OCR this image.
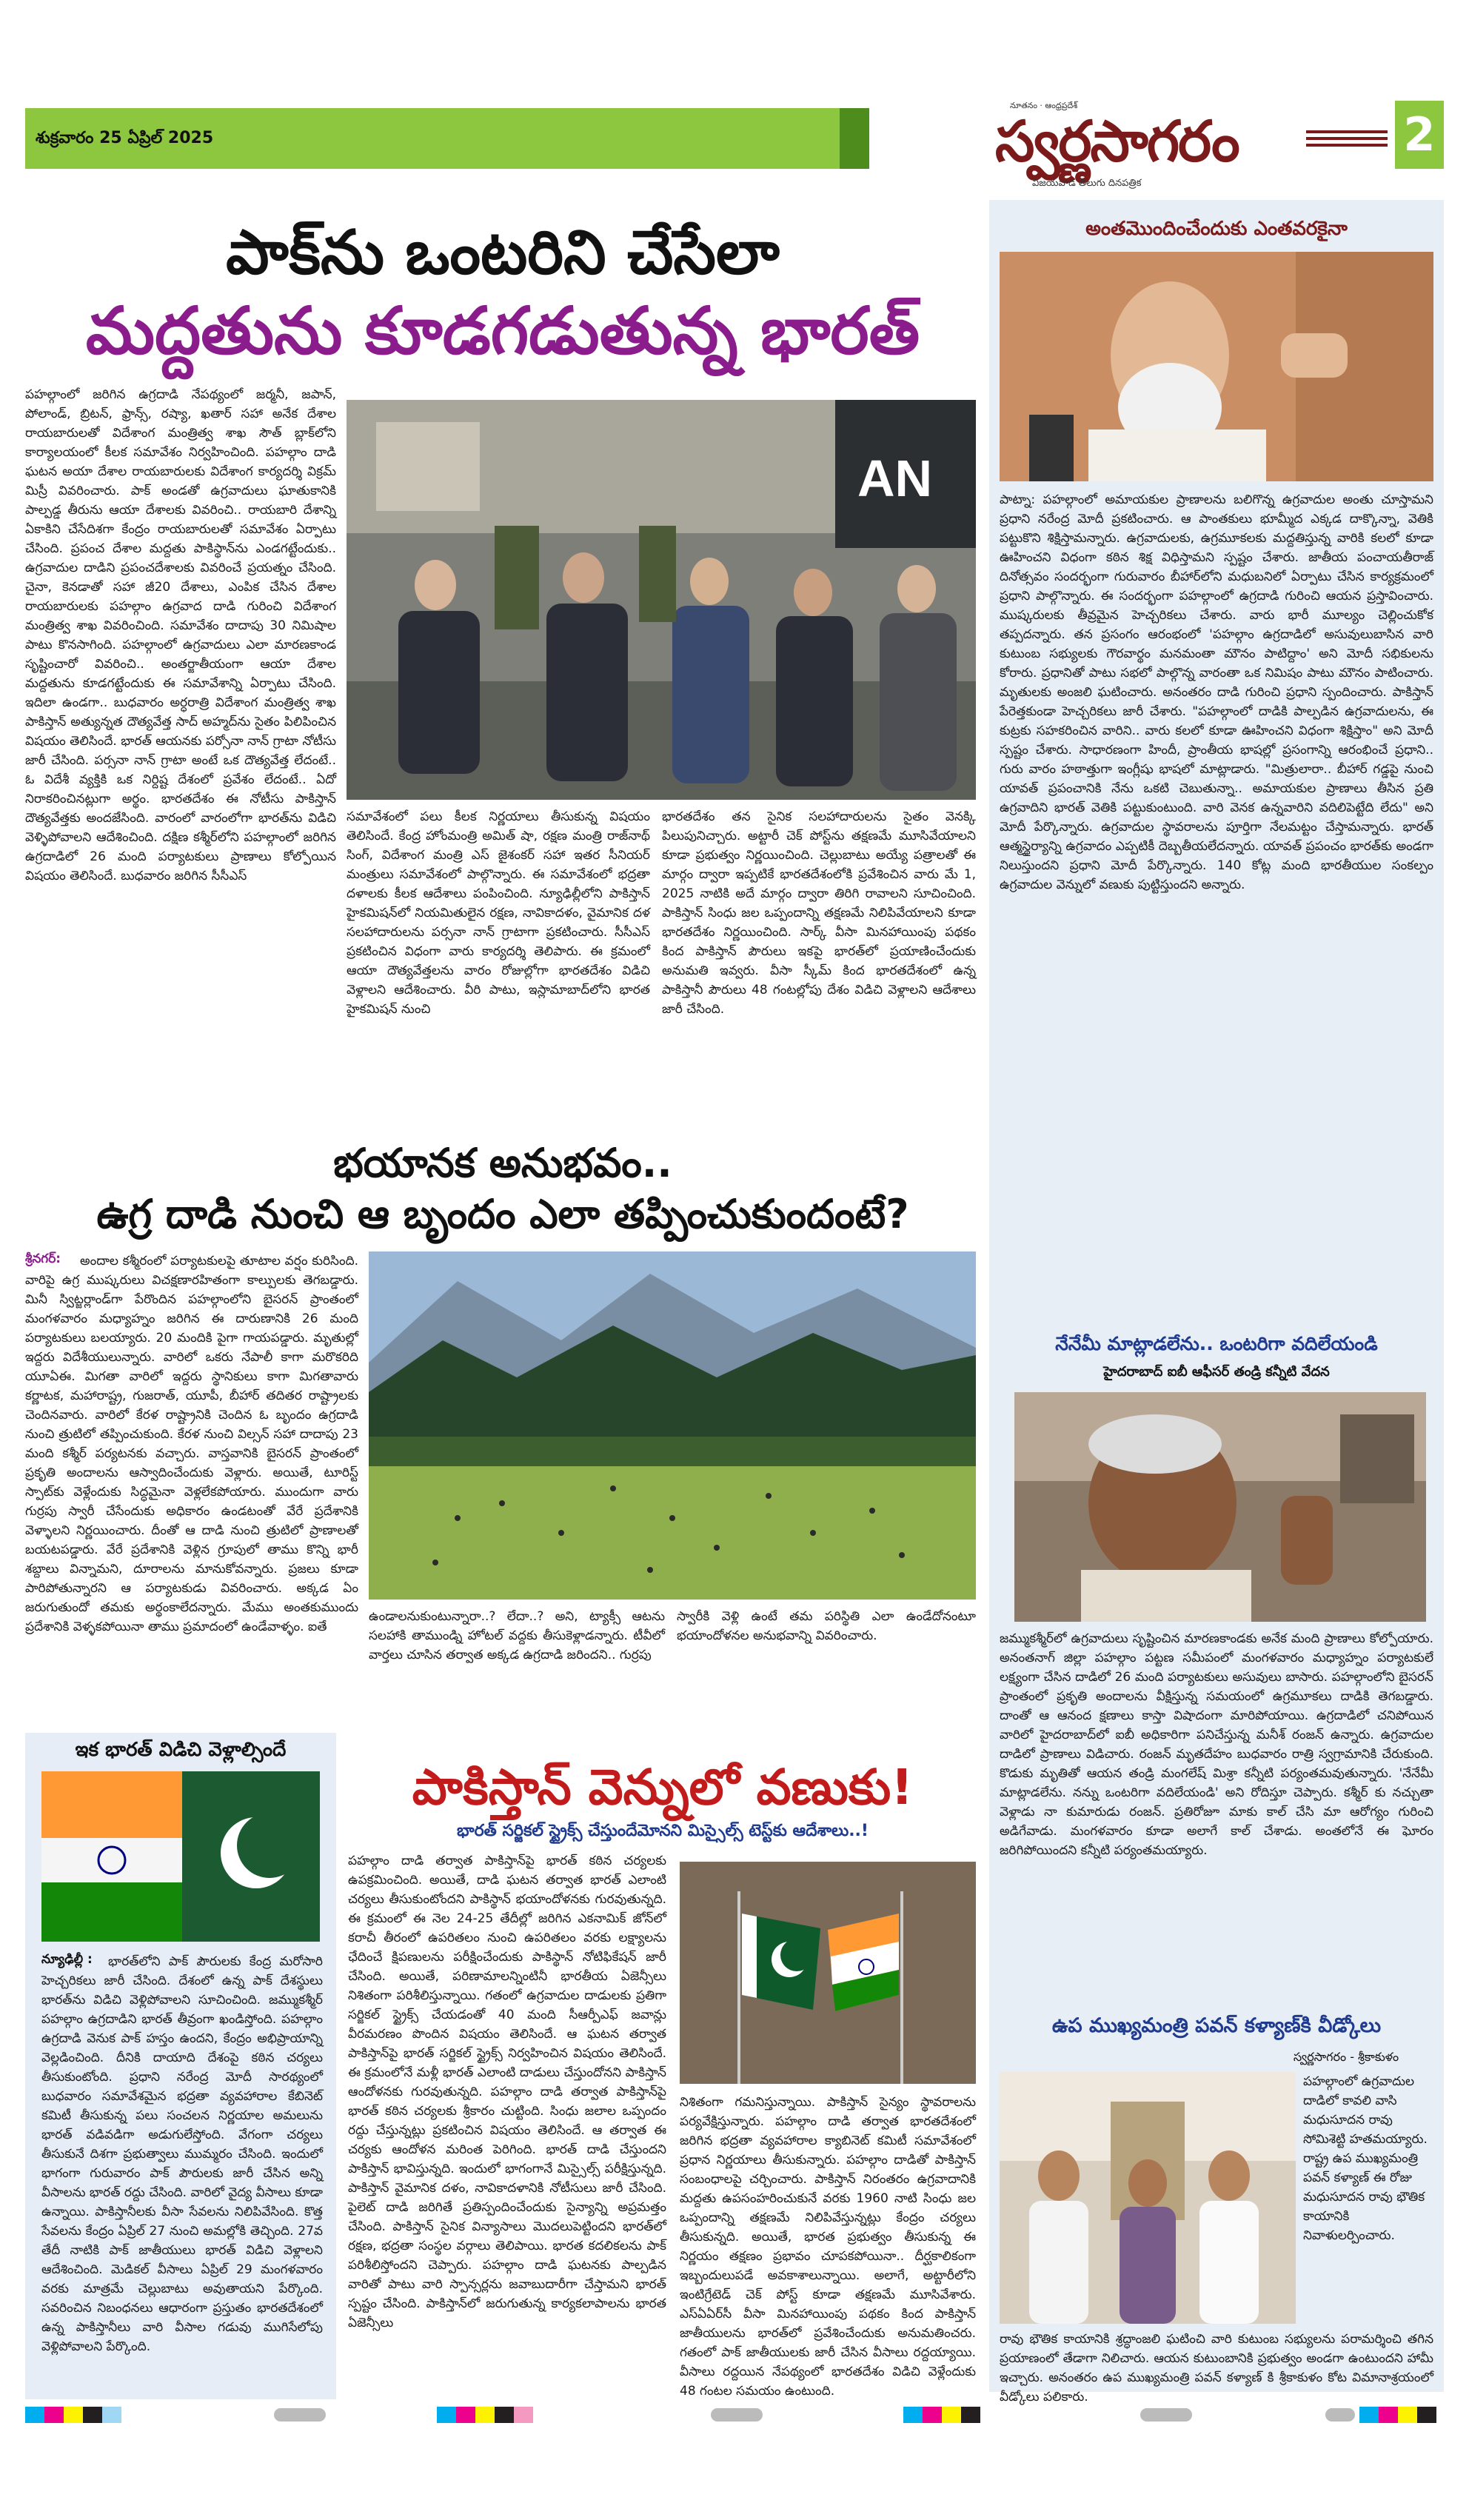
శుక్రవారం 25 ఏప్రిల్ 2025
నూతనం · ఆంధ్రప్రదేశ్
స్వర్ణసాగరం
విజయవాడ తెలుగు దినపత్రిక
2
పాక్‌ను ఒంటరిని చేసేలా
మద్దతును కూడగడుతున్న భారత్
పహల్గాంలో జరిగిన ఉగ్రదాడి నేపథ్యంలో జర్మనీ, జపాన్, పోలాండ్, బ్రిటన్, ఫ్రాన్స్, రష్యా, ఖతార్ సహా అనేక దేశాల రాయబారులతో విదేశాంగ మంత్రిత్వ శాఖ సౌత్ బ్లాక్‌లోని కార్యాలయంలో కీలక సమావేశం నిర్వహించింది. పహల్గాం దాడి ఘటన అయా దేశాల రాయబారులకు విదేశాంగ కార్యదర్శి విక్రమ్ మిస్రీ వివరించారు. పాక్ అండతో ఉగ్రవాదులు ఘాతుకానికి పాల్పడ్డ తీరును ఆయా దేశాలకు వివరించి.. రాయబారి దేశాన్ని ఏకాకిని చేసేదిశగా కేంద్రం రాయబారులతో సమావేశం ఏర్పాటు చేసింది. ప్రపంచ దేశాల మద్దతు పాకిస్థాన్‌ను ఎండగట్టేందుకు.. ఉగ్రవాదుల దాడిని ప్రపంచదేశాలకు వివరించే ప్రయత్నం చేసింది. చైనా, కెనడాతో సహా జీ20 దేశాలు, ఎంపిక చేసిన దేశాల రాయబారులకు పహల్గాం ఉగ్రవాద దాడి గురించి విదేశాంగ మంత్రిత్వ శాఖ వివరించింది. సమావేశం దాదాపు 30 నిమిషాల పాటు కొనసాగింది. పహల్గాంలో ఉగ్రవాదులు ఎలా మారణకాండ సృష్టించారో వివరించి.. అంతర్జాతీయంగా ఆయా దేశాల మద్దతును కూడగట్టేందుకు ఈ సమావేశాన్ని ఏర్పాటు చేసింది. ఇదిలా ఉండగా.. బుధవారం అర్ధరాత్రి విదేశాంగ మంత్రిత్వ శాఖ పాకిస్తాన్ అత్యున్నత దౌత్యవేత్త సాద్ అహ్మద్‌ను సైతం పిలిపించిన విషయం తెలిసిందే. భారత్ ఆయనకు పర్సోనా నాన్ గ్రాటా నోటీసు జారీ చేసింది. పర్సనా నాన్ గ్రాటా అంటే ఒక దౌత్యవేత్త లేదంటే.. ఓ విదేశీ వ్యక్తికి ఒక నిర్దిష్ట దేశంలో ప్రవేశం లేదంటే.. ఏదో నిరాకరించినట్లుగా అర్థం. భారతదేశం ఈ నోటీసు పాకిస్తాన్ దౌత్యవేత్తకు అందజేసింది. వారంలో వారంలోగా భారత్‌ను విడిచి వెళ్ళిపోవాలని ఆదేశించింది. దక్షిణ కశ్మీర్‌లోని పహల్గాంలో జరిగిన ఉగ్రదాడిలో 26 మంది పర్యాటకులు ప్రాణాలు కోల్పోయిన విషయం తెలిసిందే. బుధవారం జరిగిన సీసీఎస్
AN
సమావేశంలో పలు కీలక నిర్ణయాలు తీసుకున్న విషయం తెలిసిందే. కేంద్ర హోంమంత్రి అమిత్ షా, రక్షణ మంత్రి రాజ్‌నాథ్ సింగ్, విదేశాంగ మంత్రి ఎస్ జైశంకర్ సహా ఇతర సీనియర్ మంత్రులు సమావేశంలో పాల్గొన్నారు. ఈ సమావేశంలో భద్రతా దళాలకు కీలక ఆదేశాలు పంపించింది. న్యూఢిల్లీలోని పాకిస్తాన్ హైకమిషన్‌లో నియమితులైన రక్షణ, నావికాదళం, వైమానిక దళ సలహాదారులను పర్సనా నాన్ గ్రాటాగా ప్రకటించారు. సీసీఎస్ ప్రకటించిన విధంగా వారు కార్యదర్శి తెలిపారు. ఈ క్రమంలో ఆయా దౌత్యవేత్తలను వారం రోజుల్లోగా భారతదేశం విడిచి వెళ్లాలని ఆదేశించారు. వీరి పాటు, ఇస్లామాబాద్‌లోని భారత హైకమిషన్ నుంచి
భారతదేశం తన సైనిక సలహాదారులను సైతం వెనక్కి పిలుపునిచ్చారు. అట్టారీ చెక్ పోస్ట్‌ను తక్షణమే మూసివేయాలని కూడా ప్రభుత్వం నిర్ణయించింది. చెల్లుబాటు అయ్యే పత్రాలతో ఈ మార్గం ద్వారా ఇప్పటికే భారతదేశంలోకి ప్రవేశించిన వారు మే 1, 2025 నాటికి అదే మార్గం ద్వారా తిరిగి రావాలని సూచించింది. పాకిస్తాన్ సింధు జల ఒప్పందాన్ని తక్షణమే నిలిపివేయాలని కూడా భారతదేశం నిర్ణయించింది. సార్క్ వీసా మినహాయింపు పథకం కింద పాకిస్తాన్ పౌరులు ఇకపై భారత్‌లో ప్రయాణించేందుకు అనుమతి ఇవ్వరు. వీసా స్కీమ్ కింద భారతదేశంలో ఉన్న పాకిస్తానీ పౌరులు 48 గంటల్లోపు దేశం విడిచి వెళ్లాలని ఆదేశాలు జారీ చేసింది.
భయానక అనుభవం..
ఉగ్ర దాడి నుంచి ఆ బృందం ఎలా తప్పించుకుందంటే?
శ్రీనగర్:	అందాల కశ్మీరంలో పర్యాటకులపై తూటాల వర్షం కురిసింది. వారిపై ఉగ్ర ముష్కరులు విచక్షణారహితంగా కాల్పులకు తెగబడ్డారు. మినీ స్విట్జర్లాండ్‌గా పేరొందిన పహల్గాంలోని బైసరన్ ప్రాంతంలో మంగళవారం మధ్యాహ్నం జరిగిన ఈ దారుణానికి 26 మంది పర్యాటకులు బలయ్యారు. 20 మందికి పైగా గాయపడ్డారు. మృతుల్లో ఇద్దరు విదేశీయులున్నారు. వారిలో ఒకరు నేపాలీ కాగా మరొకరిది యూఏఈ. మిగతా వారిలో ఇద్దరు స్థానికులు కాగా మిగతావారు కర్ణాటక, మహారాష్ట్ర, గుజరాత్, యూపీ, బీహార్ తదితర రాష్ట్రాలకు చెందినవారు. వారిలో కేరళ రాష్ట్రానికి చెందిన ఓ బృందం ఉగ్రదాడి నుంచి త్రుటిలో తప్పించుకుంది. కేరళ నుంచి విల్సన్ సహా దాదాపు 23 మంది కశ్మీర్ పర్యటనకు వచ్చారు. వాస్తవానికి బైసరన్ ప్రాంతంలో ప్రకృతి అందాలను ఆస్వాదించేందుకు వెళ్లారు. అయితే, టూరిస్ట్ స్పాట్‌కు వెళ్లేందుకు సిద్ధమైనా వెళ్లలేకపోయారు. ముందుగా వారు గుర్రపు స్వారీ చేసేందుకు అధికారం ఉండటంతో వేరే ప్రదేశానికి వెళ్ళాలని నిర్ణయించారు. దీంతో ఆ దాడి నుంచి త్రుటిలో ప్రాణాలతో బయటపడ్డారు. వేరే ప్రదేశానికి వెళ్లిన గ్రూపులో తాము కొన్ని భారీ శబ్దాలు విన్నామని, దూరాలను మానుకోవన్నారు. ప్రజలు కూడా పారిపోతున్నారని ఆ పర్యాటకుడు వివరించారు. అక్కడ ఏం జరుగుతుందో తమకు అర్థంకాలేదన్నారు. మేము అంతకుముందు ప్రదేశానికి వెళ్ళకపోయినా తాము ప్రమాదంలో ఉండేవాళ్ళం. ఐతే
ఉండాలనుకుంటున్నారా..? లేదా..? అని, ట్యాక్సీ ఆటను సలహాకి తాముండ్ని హోటల్ వద్దకు తీసుకెళ్లాడన్నారు. టీవీలో వార్తలు చూసిన తర్వాత అక్కడ ఉగ్రదాడి జరిందని.. గుర్రపు
స్వారీకి వెళ్లి ఉంటే తమ పరిస్థితి ఎలా ఉండేదోనంటూ భయాందోళనల అనుభవాన్ని వివరించారు.
ఇక భారత్ విడిచి వెళ్లాల్సిందే
న్యూఢిల్లీ :	భారత్‌లోని పాక్ పౌరులకు కేంద్ర మరోసారి హెచ్చరికలు జారీ చేసింది. దేశంలో ఉన్న పాక్ దేశస్థులు భారత్‌ను విడిచి వెళ్లిపోవాలని సూచించింది. జమ్ముకశ్మీర్ పహల్గాం ఉగ్రదాడిని భారత్ తీవ్రంగా ఖండిస్తోంది. పహల్గాం ఉగ్రదాడి వెనుక పాక్ హస్తం ఉందని, కేంద్రం అభిప్రాయాన్ని వెల్లడించింది. దీనికి దాయాది దేశంపై కఠిన చర్యలు తీసుకుంటోంది. ప్రధాని నరేంద్ర మోదీ సారథ్యంలో బుధవారం సమావేశమైన భద్రతా వ్యవహారాల కేబినెట్ కమిటీ తీసుకున్న పలు సంచలన నిర్ణయాల అమలును భారత్ వడివడిగా అడుగులేస్తోంది. వేగంగా చర్యలు తీసుకునే దిశగా ప్రభుత్వాలు ముమ్మరం చేసింది. ఇందులో భాగంగా గురువారం పాక్ పౌరులకు జారీ చేసిన అన్ని వీసాలను భారత్ రద్దు చేసింది. వారిలో వైద్య వీసాలు కూడా ఉన్నాయి. పాకిస్తానీలకు వీసా సేవలను నిలిపివేసింది. కొత్త సేవలను కేంద్రం ఏప్రిల్ 27 నుంచి అమల్లోకి తెచ్చింది. 27వ తేదీ నాటికి పాక్ జాతీయులు భారత్ విడిచి వెళ్లాలని ఆదేశించింది. మెడికల్ వీసాలు ఏప్రిల్ 29 మంగళవారం వరకు మాత్రమే చెల్లుబాటు అవుతాయని పేర్కొంది. సవరించిన నిబంధనలు ఆధారంగా ప్రస్తుతం భారతదేశంలో ఉన్న పాకిస్తానీలు వారి వీసాల గడువు ముగిసేలోపు వెళ్లిపోవాలని పేర్కొంది.
పాకిస్తాన్ వెన్నులో వణుకు!
భారత్ సర్జికల్ స్ట్రైక్స్ చేస్తుందేమోనని మిస్సైల్స్ టెస్ట్‌కు ఆదేశాలు..!
పహల్గాం దాడి తర్వాత పాకిస్తాన్‌పై భారత్ కఠిన చర్యలకు ఉపక్రమించింది. అయితే, దాడి ఘటన తర్వాత భారత్ ఎలాంటి చర్యలు తీసుకుంటోందని పాకిస్థాన్ భయాందోళనకు గురవుతున్నది. ఈ క్రమంలో ఈ నెల 24-25 తేదీల్లో జరిగిన ఎకనామిక్ జోన్‌లో కరాచీ తీరంలో ఉపరితలం నుంచి ఉపరితలం వరకు లక్ష్యాలను ఛేదించే క్షిపణులను పరీక్షించేందుకు పాకిస్థాన్ నోటిఫికేషన్ జారీ చేసింది. అయితే, పరిణామాలన్నింటినీ భారతీయ ఏజెన్సీలు నిశితంగా పరిశీలిస్తున్నాయి. గతంలో ఉగ్రవాదుల దాడులకు ప్రతిగా సర్జికల్ స్ట్రైక్స్ చేయడంతో 40 మంది సీఆర్పీఎఫ్ జవాన్లు వీరమరణం పొందిన విషయం తెలిసిందే. ఆ ఘటన తర్వాత పాకిస్తాన్‌పై భారత్ సర్జికల్ స్ట్రైక్స్ నిర్వహించిన విషయం తెలిసిందే. ఈ క్రమంలోనే మళ్లీ భారత్ ఎలాంటి దాడులు చేస్తుందోనని పాకిస్తాన్ ఆందోళనకు గురవుతున్నది. పహల్గాం దాడి తర్వాత పాకిస్తాన్‌పై భారత్ కఠిన చర్యలకు శ్రీకారం చుట్టింది. సింధు జలాల ఒప్పందం రద్దు చేస్తున్నట్లు ప్రకటించిన విషయం తెలిసిందే. ఆ తర్వాత ఈ చర్యకు ఆందోళన మరింత పెరిగింది. భారత్ దాడి చేస్తుందని పాకిస్తాన్ భావిస్తున్నది. ఇందులో భాగంగానే మిస్సైల్స్ పరీక్షిస్తున్నది. పాకిస్తాన్ వైమానిక దళం, నావికాదళానికి నోటీసులు జారీ చేసింది. పైలెట్ దాడి జరిగితే ప్రతిస్పందించేందుకు సైన్యాన్ని అప్రమత్తం చేసింది. పాకిస్తాన్ సైనిక విన్యాసాలు మొదలుపెట్టిందని భారత్‌లో రక్షణ, భద్రతా సంస్థల వర్గాలు తెలిపాయి. భారత కదలికలను పాక్ పరిశీలిస్తోందని చెప్పారు. పహల్గాం దాడి ఘటనకు పాల్పడిన వారితో పాటు వారి స్పాన్సర్లను జవాబుదారీగా చేస్తామని భారత్ స్పష్టం చేసింది. పాకిస్తాన్‌లో జరుగుతున్న కార్యకలాపాలను భారత ఏజెన్సీలు
నిశితంగా గమనిస్తున్నాయి. పాకిస్తాన్ సైన్యం స్థావరాలను పర్యవేక్షిస్తున్నారు. పహల్గాం దాడి తర్వాత భారతదేశంలో జరిగిన భద్రతా వ్యవహారాల క్యాబినెట్ కమిటీ సమావేశంలో ప్రధాన నిర్ణయాలు తీసుకున్నారు. పహల్గాం దాడితో పాకిస్తాన్ సంబంధాలపై చర్చించారు. పాకిస్తాన్ నిరంతరం ఉగ్రవాదానికి మద్దతు ఉపసంహరించుకునే వరకు 1960 నాటి సింధు జల ఒప్పందాన్ని తక్షణమే నిలిపివేస్తున్నట్లు కేంద్రం చర్యలు తీసుకున్నది. అయితే, భారత ప్రభుత్వం తీసుకున్న ఈ నిర్ణయం తక్షణం ప్రభావం చూపకపోయినా.. దీర్ఘకాలికంగా ఇబ్బందులుపడే అవకాశాలున్నాయి. అలాగే, అట్టారీలోని ఇంటిగ్రేటెడ్ చెక్ పోస్ట్ కూడా తక్షణమే మూసివేశారు. ఎస్‌ఏఏర్‌సీ వీసా మినహాయింపు పథకం కింద పాకిస్తాన్ జాతీయులను భారత్‌లో ప్రవేశించేందుకు అనుమతించరు. గతంలో పాక్ జాతీయులకు జారీ చేసిన వీసాలు రద్దయ్యాయి. వీసాలు రద్దయిన నేపథ్యంలో భారతదేశం విడిచి వెళ్లేందుకు 48 గంటల సమయం ఉంటుంది.
అంతమొందించేందుకు ఎంతవరకైనా
పాట్నా: పహల్గాంలో అమాయకుల ప్రాణాలను బలిగొన్న ఉగ్రవాదుల అంతు చూస్తామని ప్రధాని నరేంద్ర మోదీ ప్రకటించారు. ఆ పాంతకులు భూమ్మీద ఎక్కడ దాక్కొన్నా, వెతికి పట్టుకొని శిక్షిస్తామన్నారు. ఉగ్రవాదులకు, ఉగ్రమూకలకు మద్దతిస్తున్న వారికి కలలో కూడా ఊహించని విధంగా కఠిన శిక్ష విధిస్తామని స్పష్టం చేశారు. జాతీయ పంచాయతీరాజ్ దినోత్సవం సందర్భంగా గురువారం బీహార్‌లోని మధుబనిలో ఏర్పాటు చేసిన కార్యక్రమంలో ప్రధాని పాల్గొన్నారు. ఈ సందర్భంగా పహల్గాంలో ఉగ్రదాడి గురించి ఆయన ప్రస్తావించారు. ముష్కరులకు తీవ్రమైన హెచ్చరికలు చేశారు. వారు భారీ మూల్యం చెల్లించుకోక తప్పదన్నారు. తన ప్రసంగం ఆరంభంలో 'పహల్గాం ఉగ్రదాడిలో అసువులుబాసిన వారి కుటుంబ సభ్యులకు గౌరవార్థం మనమంతా మౌనం పాటిద్దాం' అని మోదీ సభికులను కోరారు. ప్రధానితో పాటు సభలో పాల్గొన్న వారంతా ఒక నిమిషం పాటు మౌనం పాటించారు. మృతులకు అంజలి ఘటించారు. అనంతరం దాడి గురించి ప్రధాని స్పందించారు. పాకిస్తాన్ పేరెత్తకుండా హెచ్చరికలు జారీ చేశారు. "పహల్గాంలో దాడికి పాల్పడిన ఉగ్రవాదులను, ఈ కుట్రకు సహకరించిన వారిని.. వారు కలలో కూడా ఊహించని విధంగా శిక్షిస్తాం" అని మోదీ స్పష్టం చేశారు. సాధారణంగా హిందీ, ప్రాంతీయ భాషల్లో ప్రసంగాన్ని ఆరంభించే ప్రధాని.. గురు వారం హఠాత్తుగా ఇంగ్లీషు భాషలో మాట్లాడారు. "మిత్రులారా.. బీహార్ గడ్డపై నుంచి యావత్ ప్రపంచానికి నేను ఒకటి చెబుతున్నా.. అమాయకుల ప్రాణాలు తీసిన ప్రతి ఉగ్రవాదిని భారత్ వెతికి పట్టుకుంటుంది. వారి వెనక ఉన్నవారిని వదిలిపెట్టేది లేదు" అని మోదీ పేర్కొన్నారు. ఉగ్రవాదుల స్థావరాలను పూర్తిగా నేలమట్టం చేస్తామన్నారు. భారత్ ఆత్మస్థైర్యాన్ని ఉగ్రవాదం ఎప్పటికీ దెబ్బతీయలేదన్నారు. యావత్ ప్రపంచం భారత్‌కు అండగా నిలుస్తుందని ప్రధాని మోదీ పేర్కొన్నారు. 140 కోట్ల మంది భారతీయుల సంకల్పం ఉగ్రవాదుల వెన్నులో వణుకు పుట్టిస్తుందని అన్నారు.
నేనేమీ మాట్లాడలేను.. ఒంటరిగా వదిలేయండి
హైదరాబాద్ ఐబీ ఆఫీసర్ తండ్రి కన్నీటి వేదన
జమ్ముకశ్మీర్‌లో ఉగ్రవాదులు సృష్టించిన మారణకాండకు అనేక మంది ప్రాణాలు కోల్పోయారు. అనంతనాగ్ జిల్లా పహల్గాం పట్టణ సమీపంలో మంగళవారం మధ్యాహ్నం పర్యాటకులే లక్ష్యంగా చేసిన దాడిలో 26 మంది పర్యాటకులు అసువులు బాసారు. పహల్గాంలోని బైసరన్ ప్రాంతంలో ప్రకృతి అందాలను వీక్షిస్తున్న సమయంలో ఉగ్రమూకలు దాడికి తెగబడ్డారు. దాంతో ఆ ఆనంద క్షణాలు కాస్తా విషాదంగా మారిపోయాయి. ఉగ్రదాడిలో చనిపోయిన వారిలో హైదరాబాద్‌లో ఐబీ అధికారిగా పనిచేస్తున్న మనీశ్ రంజన్ ఉన్నారు. ఉగ్రవాదుల దాడిలో ప్రాణాలు విడిచారు. రంజన్ మృతదేహం బుధవారం రాత్రి స్వగ్రామానికి చేరుకుంది. కొడుకు మృతితో ఆయన తండ్రి మంగలేష్ మిశ్రా కన్నీటి పర్యంతమవుతున్నారు. 'నేనేమీ మాట్లాడలేను. నన్ను ఒంటరిగా వదిలేయండి' అని రోదిస్తూ చెప్పారు. కశ్మీర్ కు నచ్చుతా వెళ్లాడు నా కుమారుడు రంజన్. ప్రతిరోజూ మాకు కాల్ చేసి మా ఆరోగ్యం గురించి అడిగేవాడు. మంగళవారం కూడా అలాగే కాల్ చేశాడు. అంతలోనే ఈ ఘోరం జరిగిపోయిందని కన్నీటి పర్యంతమయ్యారు.
ఉప ముఖ్యమంత్రి పవన్ కళ్యాణ్‌కి వీడ్కోలు
స్వర్ణసాగరం - శ్రీకాకుళం
పహల్గాంలో ఉగ్రవాదుల దాడిలో కావలి వాసి మధుసూదన రావు సోమిశెట్టి హతమయ్యారు. రాష్ట్ర ఉప ముఖ్యమంత్రి పవన్ కళ్యాణ్ ఈ రోజు మధుసూదన రావు భౌతిక కాయానికి నివాళులర్పించారు.
రావు భౌతిక కాయానికి శ్రద్ధాంజలి ఘటించి వారి కుటుంబ సభ్యులను పరామర్శించి తగిన ప్రయాణంలో తేడాగా నిలిచారు. ఆయన కుటుంబానికి ప్రభుత్వం అండగా ఉంటుందని హామీ ఇచ్చారు. అనంతరం ఉప ముఖ్యమంత్రి పవన్ కళ్యాణ్ కి శ్రీకాకుళం కోట విమానాశ్రయంలో వీడ్కోలు పలికారు.
